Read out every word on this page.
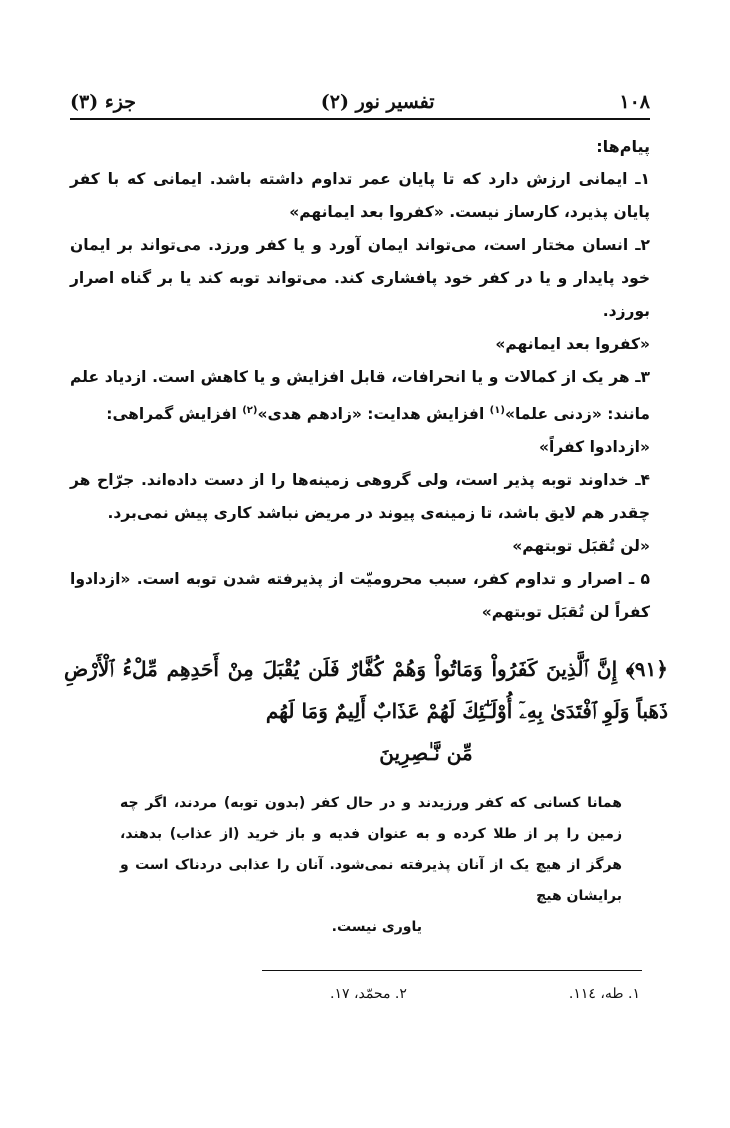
۱۰۸
تفسیر نور (۲)
جزء (۳)

پیام‌ها:

۱ـ ایمانی ارزش دارد که تا پایان عمر تداوم داشته باشد. ایمانی که با کفر پایان پذیرد، کارساز نیست. «کفروا بعد ایمانهم»

۲ـ انسان مختار است، می‌تواند ایمان آورد و یا کفر ورزد. می‌تواند بر ایمان خود پایدار و یا در کفر خود پافشاری کند. می‌تواند توبه کند یا بر گناه اصرار بورزد.
«کفروا بعد ایمانهم»

۳ـ هر یک از کمالات و یا انحرافات، قابل افزایش و یا کاهش است. ازدیاد علم مانند: «زدنی علما»$^{(۱)}$ افزایش هدایت: «زادهم هدی»$^{(۲)}$ افزایش گمراهی:
«ازدادوا کفراً»

۴ـ خداوند توبه پذیر است، ولی گروهی زمینه‌ها را از دست داده‌اند. جرّاح هر چقدر هم لایق باشد، تا زمینه‌ی پیوند در مریض نباشد کاری پیش نمی‌برد.
«لن تُقبَل توبتهم»

۵ ـ اصرار و تداوم کفر، سبب محرومیّت از پذیرفته شدن توبه است. «ازدادوا کفراً لن تُقبَل توبتهم»

﴿۹۱﴾ إِنَّ ٱلَّذِينَ كَفَرُواْ وَمَاتُواْ وَهُمْ كُفَّارٌ فَلَن يُقْبَلَ مِنْ أَحَدِهِم مِّلْءُ ٱلْأَرْضِ ذَهَباً وَلَوِ ٱفْتَدَىٰ بِهِۦٓ أُوْلَـٰٓئِكَ لَهُمْ عَذَابٌ أَلِيمٌ وَمَا لَهُم
مِّن نَّـٰصِرِينَ
همانا کسانی که کفر ورزیدند و در حال کفر (بدون توبه) مردند، اگر چه زمین را پر از طلا کرده و به عنوان فدیه و باز خرید (از عذاب) بدهند، هرگز از هیچ یک از آنان پذیرفته نمی‌شود. آنان را عذابی دردناک است و برایشان هیچ
یاوری نیست.
۱. طه، ۱۱٤.
۲. محمّد، ۱۷.
